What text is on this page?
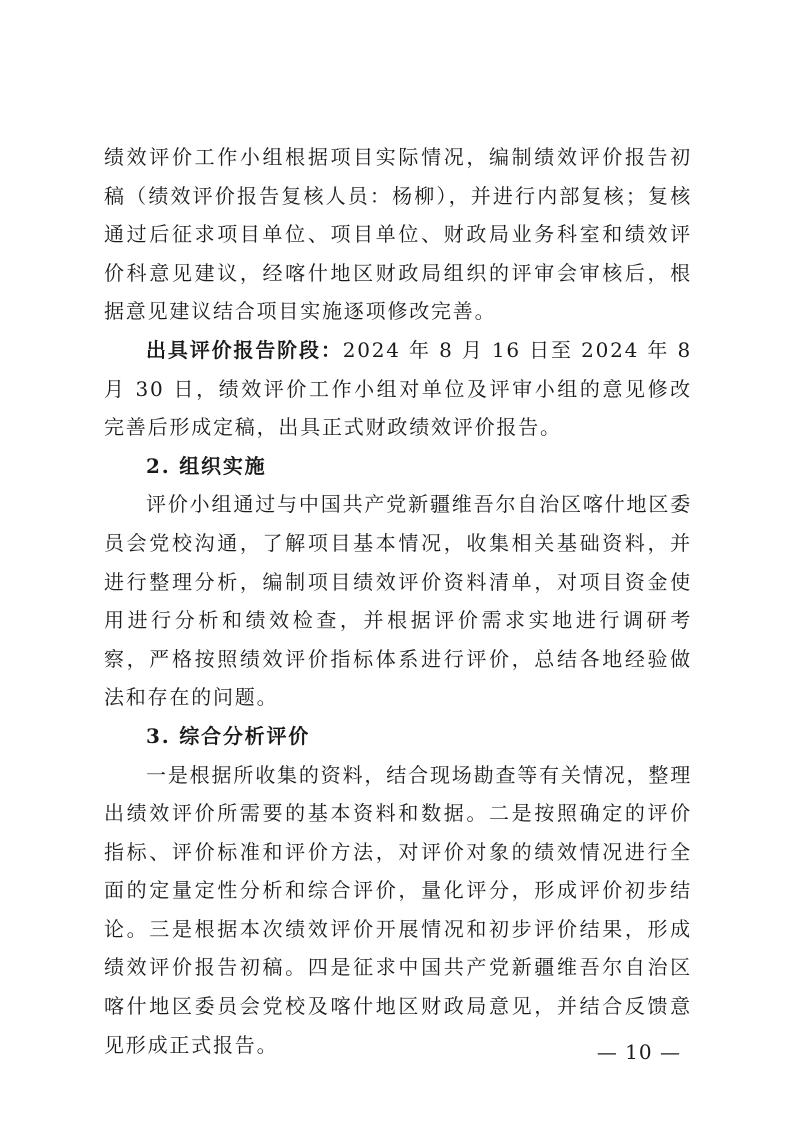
绩效评价工作小组根据项目实际情况，编制绩效评价报告初稿（绩效评价报告复核人员：杨柳），并进行内部复核；复核通过后征求项目单位、项目单位、财政局业务科室和绩效评价科意见建议，经喀什地区财政局组织的评审会审核后，根据意见建议结合项目实施逐项修改完善。

出具评价报告阶段：2024 年 8 月 16 日至 2024 年 8 月 30 日，绩效评价工作小组对单位及评审小组的意见修改完善后形成定稿，出具正式财政绩效评价报告。

2. 组织实施

评价小组通过与中国共产党新疆维吾尔自治区喀什地区委员会党校沟通，了解项目基本情况，收集相关基础资料，并进行整理分析，编制项目绩效评价资料清单，对项目资金使用进行分析和绩效检查，并根据评价需求实地进行调研考察，严格按照绩效评价指标体系进行评价，总结各地经验做法和存在的问题。

3. 综合分析评价

一是根据所收集的资料，结合现场勘查等有关情况，整理出绩效评价所需要的基本资料和数据。二是按照确定的评价指标、评价标准和评价方法，对评价对象的绩效情况进行全面的定量定性分析和综合评价，量化评分，形成评价初步结论。三是根据本次绩效评价开展情况和初步评价结果，形成绩效评价报告初稿。四是征求中国共产党新疆维吾尔自治区喀什地区委员会党校及喀什地区财政局意见，并结合反馈意见形成正式报告。	— 10 —
